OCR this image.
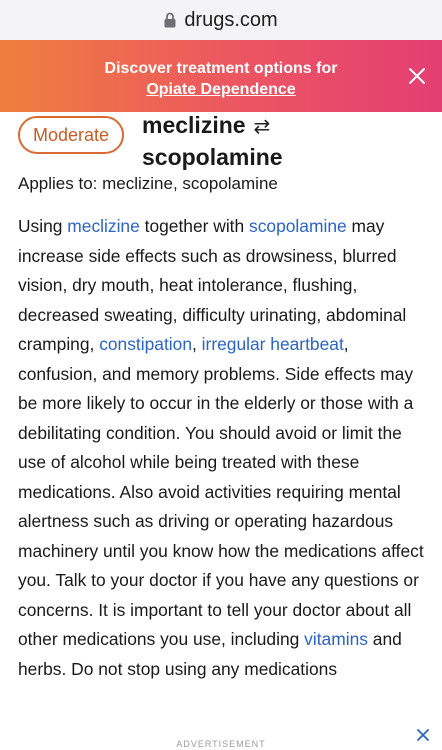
drugs.com
Discover treatment options for
Opiate Dependence
Moderate	meclizine ⇄
scopolamine
Applies to: meclizine, scopolamine
Using meclizine together with scopolamine may increase side effects such as drowsiness, blurred vision, dry mouth, heat intolerance, flushing, decreased sweating, difficulty urinating, abdominal cramping, constipation, irregular heartbeat, confusion, and memory problems. Side effects may be more likely to occur in the elderly or those with a debilitating condition. You should avoid or limit the use of alcohol while being treated with these medications. Also avoid activities requiring mental alertness such as driving or operating hazardous machinery until you know how the medications affect you. Talk to your doctor if you have any questions or concerns. It is important to tell your doctor about all other medications you use, including vitamins and herbs. Do not stop using any medications
ADVERTISEMENT
